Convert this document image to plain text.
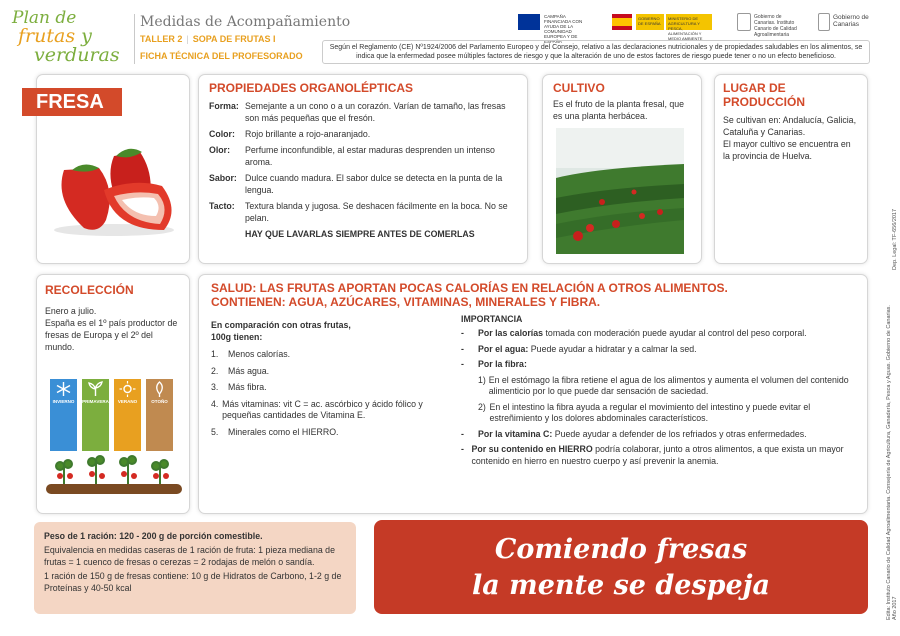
Plan de
frutas y
verduras
Medidas de Acompañamiento
TALLER 2 | SOPA DE FRUTAS I
FICHA TÉCNICA DEL PROFESORADO
CAMPAÑA FINANCIADA CON AYUDA DE LA COMUNIDAD EUROPEA Y DE ESPAÑA
GOBIERNO DE ESPAÑA
MINISTERIO DE AGRICULTURA Y PESCA, ALIMENTACIÓN Y MEDIO AMBIENTE
Gobierno de Canarias. Instituto Canario de Calidad Agroalimentaria
Gobierno de Canarias
Según el Reglamento (CE) Nº1924/2006 del Parlamento Europeo y del Consejo, relativo a las declaraciones nutricionales y de propiedades saludables en los alimentos, se indica que la enfermedad posee múltiples factores de riesgo y que la alteración de uno de estos factores de riesgo puede tener o no un efecto beneficioso.
FRESA
PROPIEDADES ORGANOLÉPTICAS
Forma: Semejante a un cono o a un corazón. Varían de tamaño, las fresas son más pequeñas que el fresón.
Color:	Rojo brillante a rojo-anaranjado.
Olor:	Perfume inconfundible, al estar maduras desprenden un intenso aroma.
Sabor: Dulce cuando madura. El sabor dulce se detecta en la punta de la lengua.
Tacto:	Textura blanda y jugosa. Se deshacen fácilmente en la boca. No se pelan.
HAY QUE LAVARLAS SIEMPRE ANTES DE COMERLAS
CULTIVO
Es el fruto de la planta fresal, que es una planta herbácea.
LUGAR DE PRODUCCIÓN
Se cultivan en: Andalucía, Galicia, Cataluña y Canarias.
El mayor cultivo se encuentra en la provincia de Huelva.
RECOLECCIÓN
Enero a julio.
España es el 1º país productor de fresas de Europa y el 2º del mundo.
INVIERNO	PRIMAVERA	VERANO	OTOÑO
SALUD: LAS FRUTAS APORTAN POCAS CALORÍAS EN RELACIÓN A OTROS ALIMENTOS.
CONTIENEN: AGUA, AZÚCARES, VITAMINAS, MINERALES Y FIBRA.
En comparación con otras frutas, 100g tienen:
1.	Menos calorías.
2.	Más agua.
3.	Más fibra.
4. Más vitaminas: vit C = ac. ascórbico y ácido fólico y pequeñas cantidades de Vitamina E.
5.	Minerales como el HIERRO.
IMPORTANCIA
-	Por las calorías tomada con moderación puede ayudar al control del peso corporal.
-	Por el agua: Puede ayudar a hidratar y a calmar la sed.
-	Por la fibra:
1) En el estómago la fibra retiene el agua de los alimentos y aumenta el volumen del contenido alimenticio por lo que puede dar sensación de saciedad.
2) En el intestino la fibra ayuda a regular el movimiento del intestino y puede evitar el estreñimiento y los dolores abdominales característicos.
-	Por la vitamina C: Puede ayudar a defender de los refriados y otras enfermedades.
- Por su contenido en HIERRO podría colaborar, junto a otros alimentos, a que exista un mayor contenido en hierro en nuestro cuerpo y así prevenir la anemia.
Peso de 1 ración: 120 - 200 g de porción comestible.
Equivalencia en medidas caseras de 1 ración de fruta: 1 pieza mediana de frutas = 1 cuenco de fresas o cerezas = 2 rodajas de melón o sandía.
1 ración de 150 g de fresas contiene: 10 g de Hidratos de Carbono, 1-2 g de Proteínas y 40-50 kcal
Comiendo fresas
la mente se despeja
Dep. Legal: TF-656/2017
Edita: Instituto Canario de Calidad Agroalimentaria. Consejería de Agricultura, Ganadería, Pesca y Aguas. Gobierno de Canarias. Año 2017
